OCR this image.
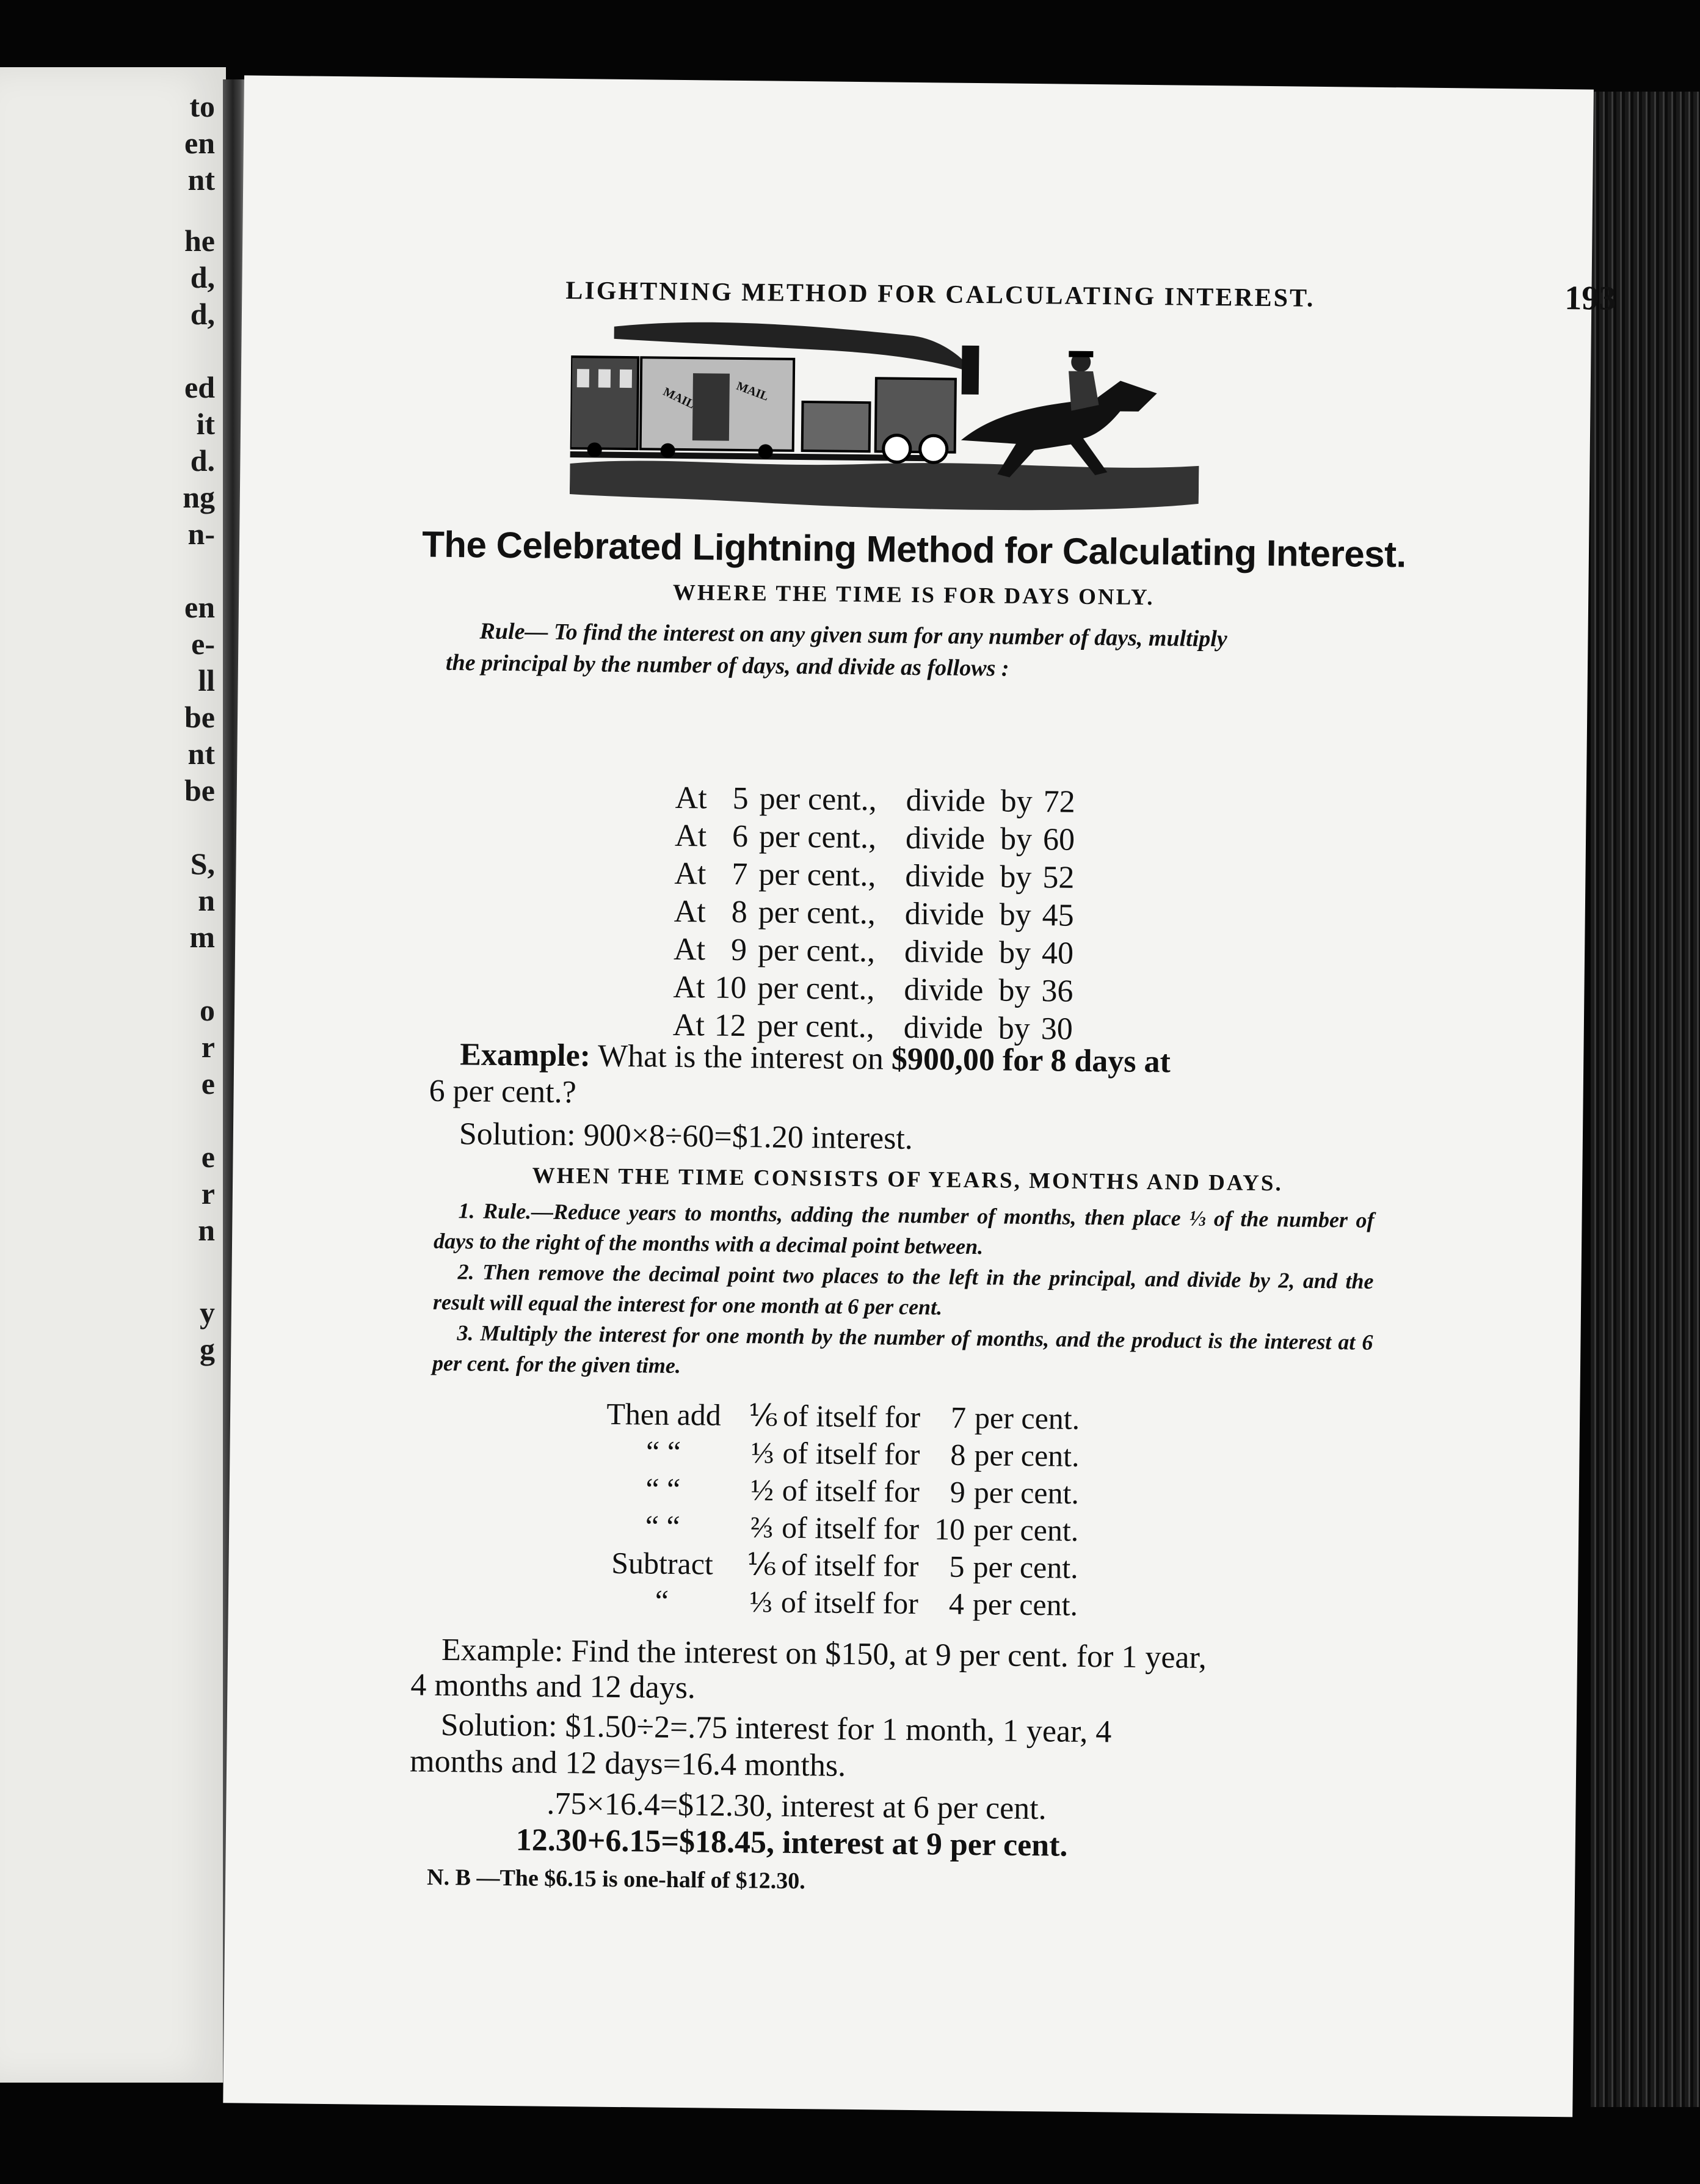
to
en
nt
he
d,
d,
ed
it
d.
ng
n-
en
e-
ll
be
nt
be
S,
n
m
o
r
e
e
r
n
y
g
LIGHTNING METHOD FOR CALCULATING INTEREST.	193
MAIL	MAIL
The Celebrated Lightning Method for Calculating Interest.
WHERE THE TIME IS FOR DAYS ONLY.
Rule— To find the interest on any given sum for any number of days, multiply
the principal by the number of days, and divide as follows :
At 5 per cent., divide by 72
At 6 per cent., divide by 60
At 7 per cent., divide by 52
At 8 per cent., divide by 45
At 9 per cent., divide by 40
At 10 per cent., divide by 36
At 12 per cent., divide by 30
Example: What is the interest on $900,00 for 8 days at
6 per cent.?
Solution: 900×8÷60=$1.20 interest.
WHEN THE TIME CONSISTS OF YEARS, MONTHS AND DAYS.

1. Rule.—Reduce years to months, adding the number of months, then place ⅓ of the number of days to the right of the months with a decimal point between.

2. Then remove the decimal point two places to the left in the principal, and divide by 2, and the result will equal the interest for one month at 6 per cent.

3. Multiply the interest for one month by the number of months, and the product is the interest at 6 per cent. for the given time.

Then add ⅙ of itself for 7 per cent.
“ “	⅓ of itself for 8 per cent.
“ “	½ of itself for 9 per cent.
“ “	⅔ of itself for 10 per cent.
Subtract	⅙ of itself for 5 per cent.
“	⅓ of itself for 4 per cent.
Example: Find the interest on $150, at 9 per cent. for 1 year,
4 months and 12 days.
Solution: $1.50÷2=.75 interest for 1 month, 1 year, 4
months and 12 days=16.4 months.
.75×16.4=$12.30, interest at 6 per cent.
12.30+6.15=$18.45, interest at 9 per cent.
N. B —The $6.15 is one-half of $12.30.
